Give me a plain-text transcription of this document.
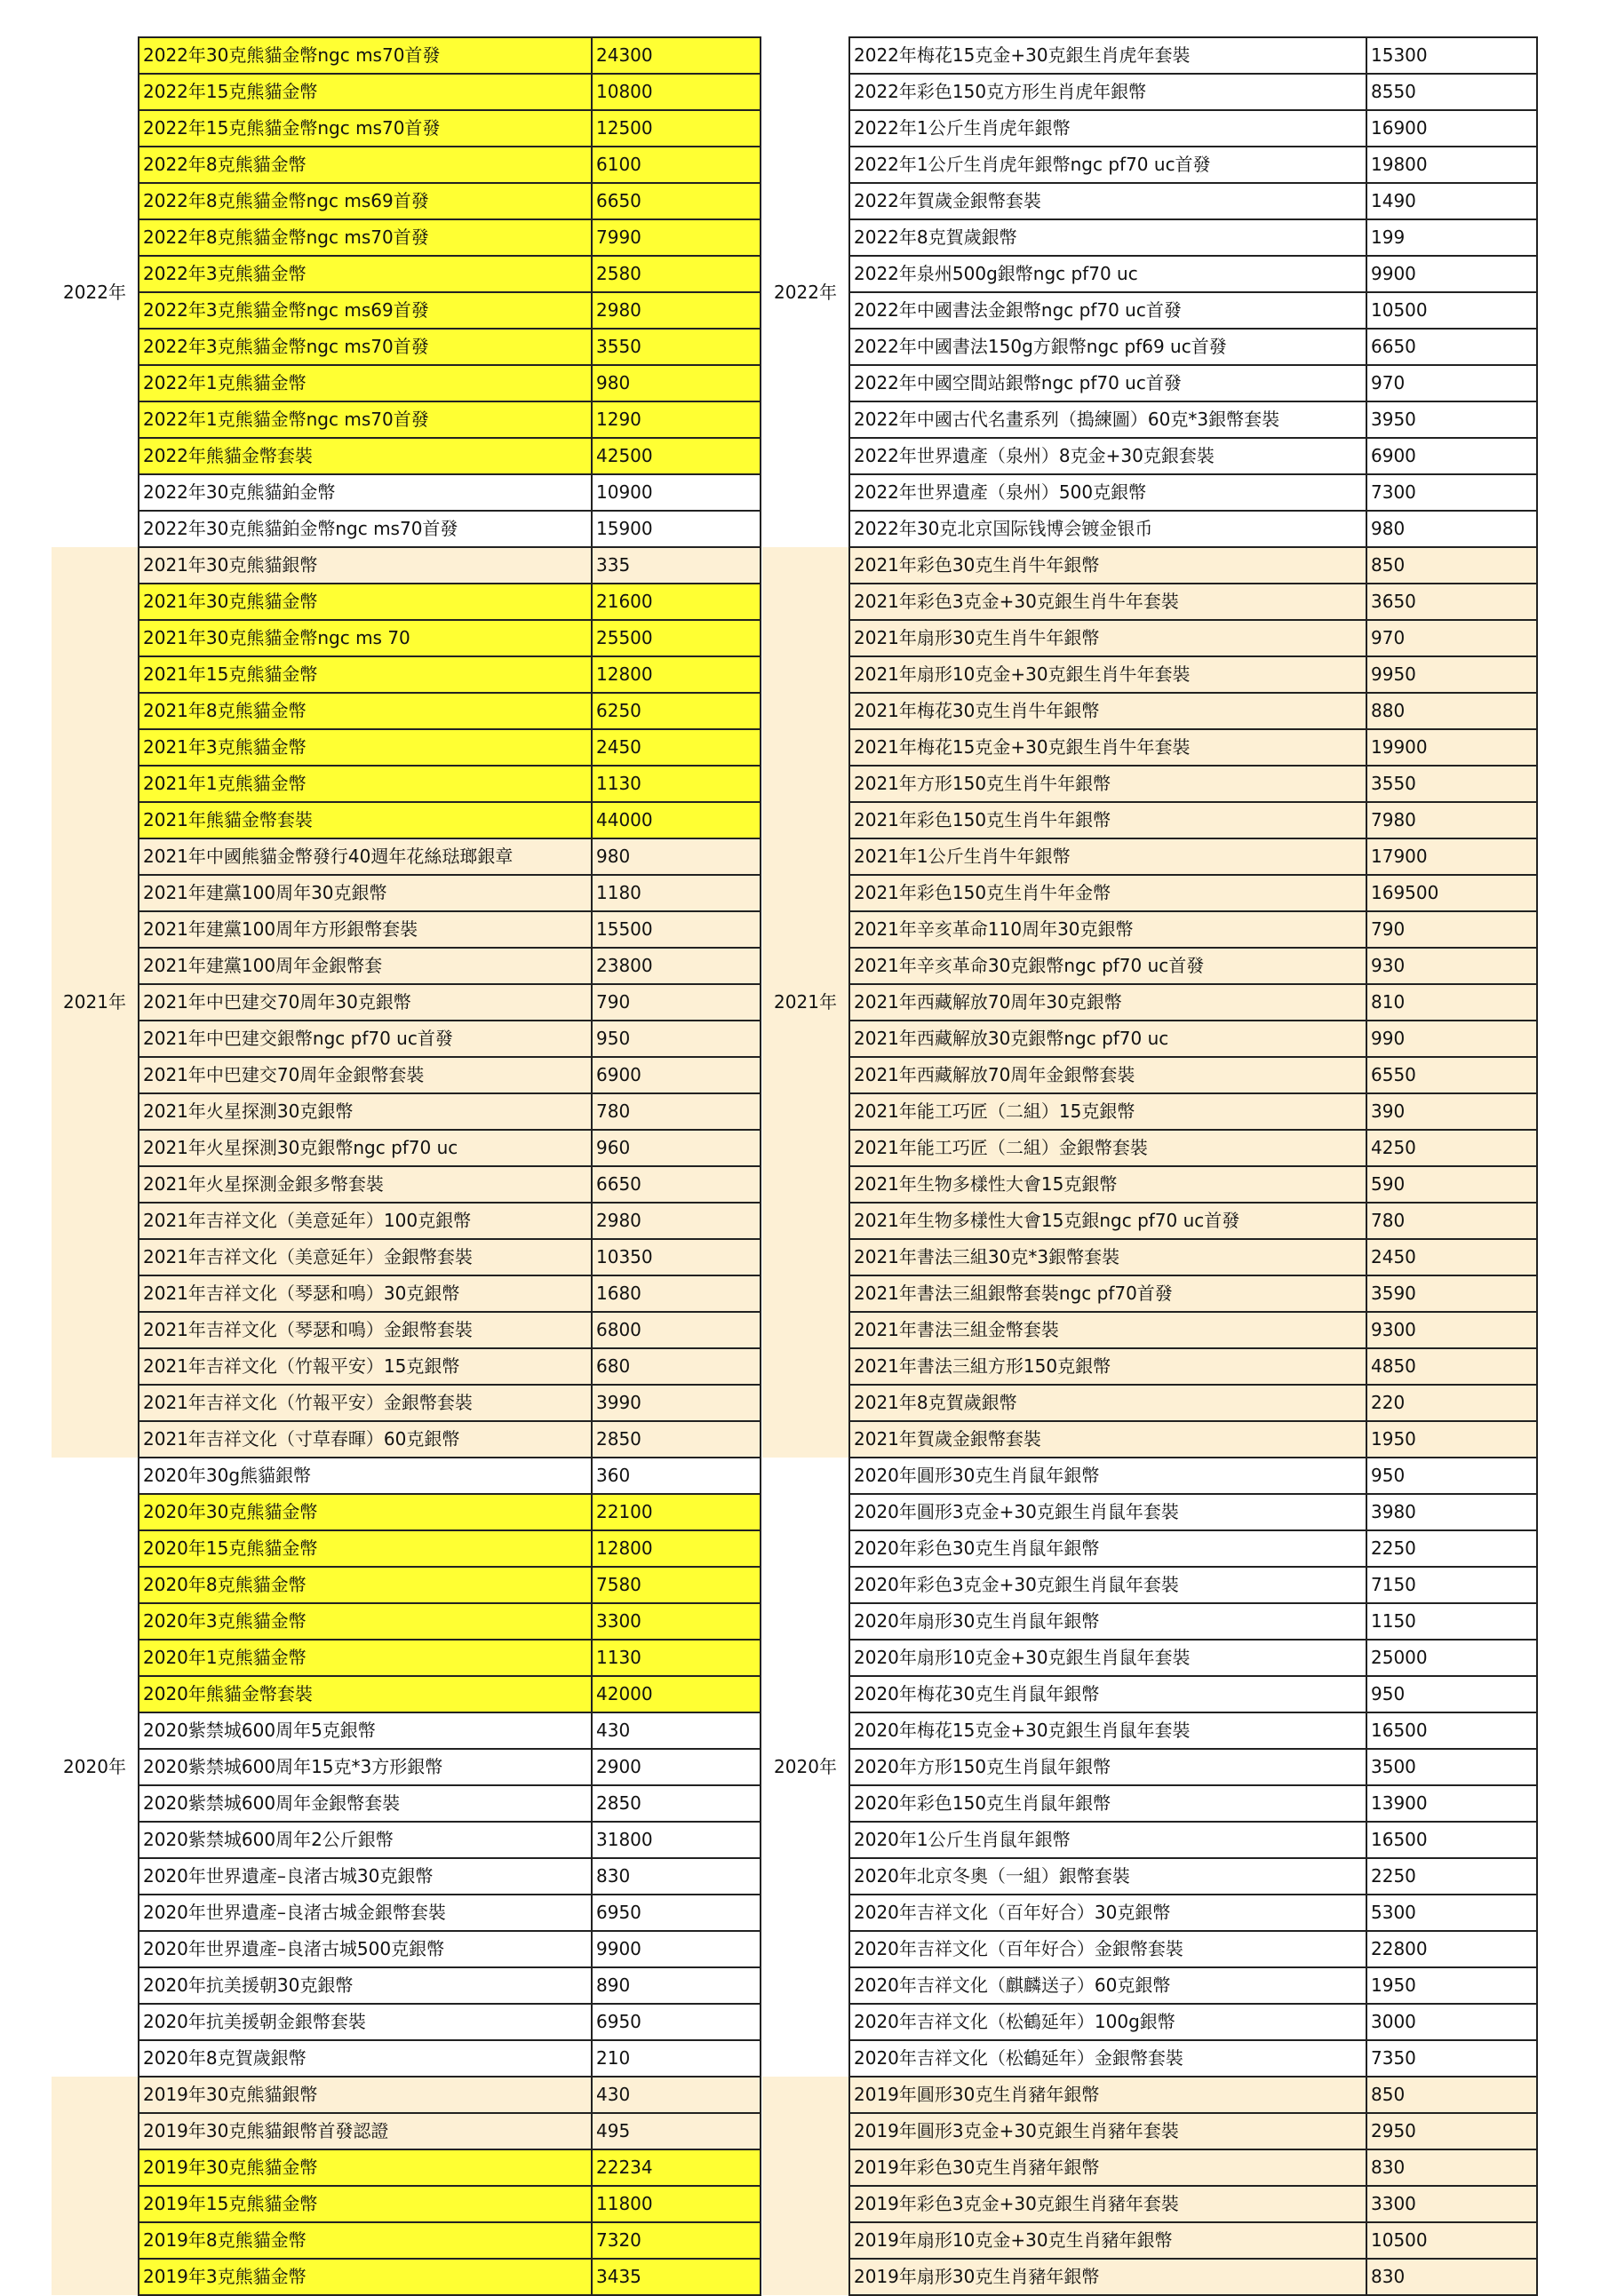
2022年	2022年30克熊貓金幣ngc ms70首發	24300
	2022年15克熊貓金幣	10800
	2022年15克熊貓金幣ngc ms70首發	12500
	2022年8克熊貓金幣	6100
	2022年8克熊貓金幣ngc ms69首發	6650
	2022年8克熊貓金幣ngc ms70首發	7990
	2022年3克熊貓金幣	2580
	2022年3克熊貓金幣ngc ms69首發	2980
	2022年3克熊貓金幣ngc ms70首發	3550
	2022年1克熊貓金幣	980
	2022年1克熊貓金幣ngc ms70首發	1290
	2022年熊貓金幣套裝	42500
	2022年30克熊貓鉑金幣	10900
	2022年30克熊貓鉑金幣ngc ms70首發	15900
2021年	2021年30克熊貓銀幣	335
	2021年30克熊貓金幣	21600
	2021年30克熊貓金幣ngc ms 70	25500
	2021年15克熊貓金幣	12800
	2021年8克熊貓金幣	6250
	2021年3克熊貓金幣	2450
	2021年1克熊貓金幣	1130
	2021年熊貓金幣套裝	44000
	2021年中國熊貓金幣發行40週年花絲琺瑯銀章	980
	2021年建黨100周年30克銀幣	1180
	2021年建黨100周年方形銀幣套裝	15500
	2021年建黨100周年金銀幣套	23800
	2021年中巴建交70周年30克銀幣	790
	2021年中巴建交銀幣ngc pf70 uc首發	950
	2021年中巴建交70周年金銀幣套裝	6900
	2021年火星探測30克銀幣	780
	2021年火星探測30克銀幣ngc pf70 uc	960
	2021年火星探測金銀多幣套裝	6650
	2021年吉祥文化（美意延年）100克銀幣	2980
	2021年吉祥文化（美意延年）金銀幣套裝	10350
	2021年吉祥文化（琴瑟和鳴）30克銀幣	1680
	2021年吉祥文化（琴瑟和鳴）金銀幣套裝	6800
	2021年吉祥文化（竹報平安）15克銀幣	680
	2021年吉祥文化（竹報平安）金銀幣套裝	3990
	2021年吉祥文化（寸草春暉）60克銀幣	2850
2020年	2020年30g熊貓銀幣	360
	2020年30克熊貓金幣	22100
	2020年15克熊貓金幣	12800
	2020年8克熊貓金幣	7580
	2020年3克熊貓金幣	3300
	2020年1克熊貓金幣	1130
	2020年熊貓金幣套裝	42000
	2020紫禁城600周年5克銀幣	430
	2020紫禁城600周年15克*3方形銀幣	2900
	2020紫禁城600周年金銀幣套裝	2850
	2020紫禁城600周年2公斤銀幣	31800
	2020年世界遺產–良渚古城30克銀幣	830
	2020年世界遺產–良渚古城金銀幣套裝	6950
	2020年世界遺產–良渚古城500克銀幣	9900
	2020年抗美援朝30克銀幣	890
	2020年抗美援朝金銀幣套裝	6950
	2020年8克賀歲銀幣	210
	2019年30克熊貓銀幣	430
	2019年30克熊貓銀幣首發認證	495
	2019年30克熊貓金幣	22234
	2019年15克熊貓金幣	11800
	2019年8克熊貓金幣	7320
	2019年3克熊貓金幣	3435
2022年	2022年梅花15克金+30克銀生肖虎年套裝	15300
	2022年彩色150克方形生肖虎年銀幣	8550
	2022年1公斤生肖虎年銀幣	16900
	2022年1公斤生肖虎年銀幣ngc pf70 uc首發	19800
	2022年賀歲金銀幣套裝	1490
	2022年8克賀歲銀幣	199
	2022年泉州500g銀幣ngc pf70 uc	9900
	2022年中國書法金銀幣ngc pf70 uc首發	10500
	2022年中國書法150g方銀幣ngc pf69 uc首發	6650
	2022年中國空間站銀幣ngc pf70 uc首發	970
	2022年中國古代名畫系列（搗練圖）60克*3銀幣套裝	3950
	2022年世界遺產（泉州）8克金+30克銀套裝	6900
	2022年世界遺產（泉州）500克銀幣	7300
	2022年30克北京国际钱博会镀金银币	980
2021年	2021年彩色30克生肖牛年銀幣	850
	2021年彩色3克金+30克銀生肖牛年套裝	3650
	2021年扇形30克生肖牛年銀幣	970
	2021年扇形10克金+30克銀生肖牛年套裝	9950
	2021年梅花30克生肖牛年銀幣	880
	2021年梅花15克金+30克銀生肖牛年套裝	19900
	2021年方形150克生肖牛年銀幣	3550
	2021年彩色150克生肖牛年銀幣	7980
	2021年1公斤生肖牛年銀幣	17900
	2021年彩色150克生肖牛年金幣	169500
	2021年辛亥革命110周年30克銀幣	790
	2021年辛亥革命30克銀幣ngc pf70 uc首發	930
	2021年西藏解放70周年30克銀幣	810
	2021年西藏解放30克銀幣ngc pf70 uc	990
	2021年西藏解放70周年金銀幣套裝	6550
	2021年能工巧匠（二組）15克銀幣	390
	2021年能工巧匠（二組）金銀幣套裝	4250
	2021年生物多樣性大會15克銀幣	590
	2021年生物多樣性大會15克銀ngc pf70 uc首發	780
	2021年書法三組30克*3銀幣套裝	2450
	2021年書法三組銀幣套裝ngc pf70首發	3590
	2021年書法三組金幣套裝	9300
	2021年書法三組方形150克銀幣	4850
	2021年8克賀歲銀幣	220
	2021年賀歲金銀幣套裝	1950
2020年	2020年圓形30克生肖鼠年銀幣	950
	2020年圓形3克金+30克銀生肖鼠年套裝	3980
	2020年彩色30克生肖鼠年銀幣	2250
	2020年彩色3克金+30克銀生肖鼠年套裝	7150
	2020年扇形30克生肖鼠年銀幣	1150
	2020年扇形10克金+30克銀生肖鼠年套裝	25000
	2020年梅花30克生肖鼠年銀幣	950
	2020年梅花15克金+30克銀生肖鼠年套裝	16500
	2020年方形150克生肖鼠年銀幣	3500
	2020年彩色150克生肖鼠年銀幣	13900
	2020年1公斤生肖鼠年銀幣	16500
	2020年北京冬奧（一組）銀幣套裝	2250
	2020年吉祥文化（百年好合）30克銀幣	5300
	2020年吉祥文化（百年好合）金銀幣套裝	22800
	2020年吉祥文化（麒麟送子）60克銀幣	1950
	2020年吉祥文化（松鶴延年）100g銀幣	3000
	2020年吉祥文化（松鶴延年）金銀幣套裝	7350
	2019年圓形30克生肖豬年銀幣	850
	2019年圓形3克金+30克銀生肖豬年套裝	2950
	2019年彩色30克生肖豬年銀幣	830
	2019年彩色3克金+30克銀生肖豬年套裝	3300
	2019年扇形10克金+30克生肖豬年銀幣	10500
	2019年扇形30克生肖豬年銀幣	830
